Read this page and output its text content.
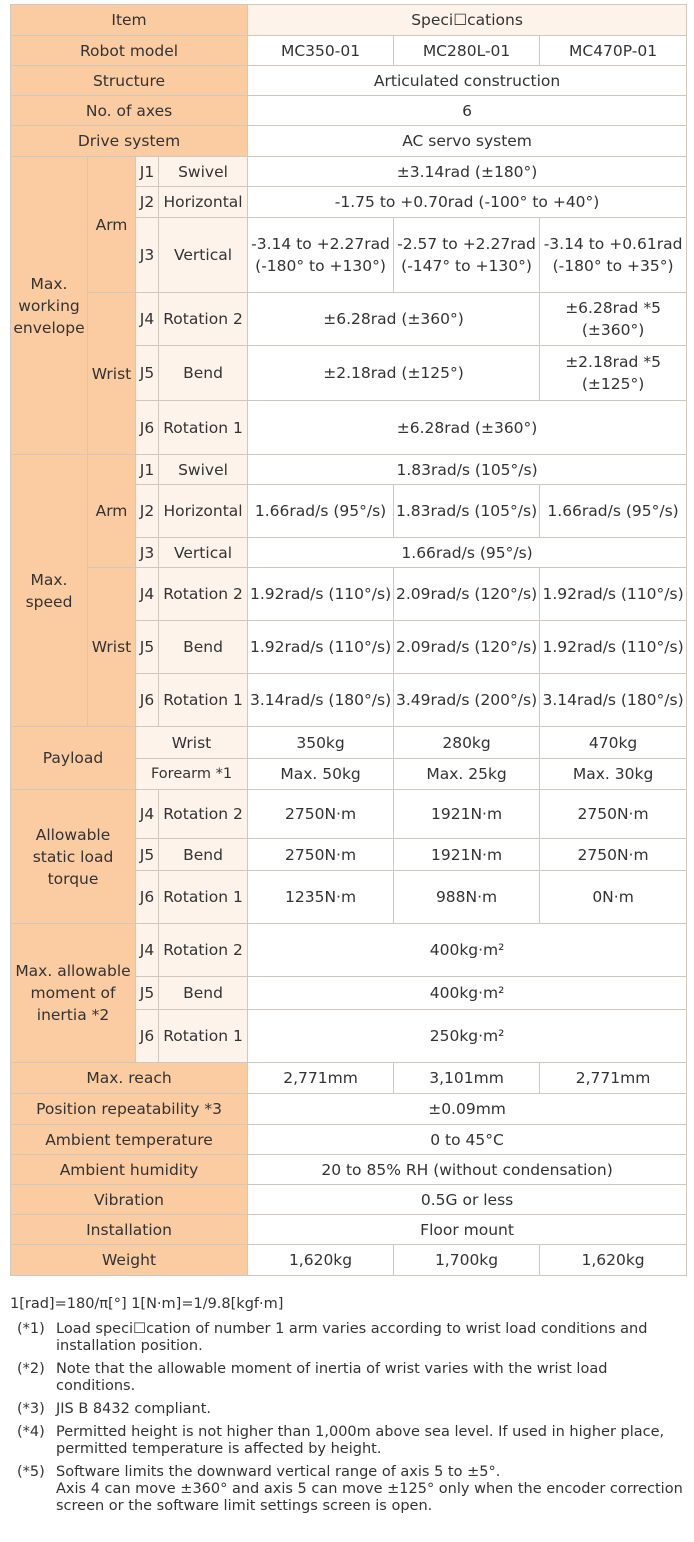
Item				Speci☐cations		
Robot model				MC350-01	MC280L-01	MC470P-01
Structure				Articulated construction		
No. of axes				6		
Drive system				AC servo system		
Max. working envelope	Arm	J1	Swivel	±3.14rad (±180°)		
		J2	Horizontal	-1.75 to +0.70rad (-100° to +40°)		
		J3	Vertical	-3.14 to +2.27rad (-180° to +130°)	-2.57 to +2.27rad (-147° to +130°)	-3.14 to +0.61rad (-180° to +35°)
	Wrist	J4	Rotation 2	±6.28rad (±360°)		±6.28rad *5 (±360°)
		J5	Bend	±2.18rad (±125°)		±2.18rad *5 (±125°)
		J6	Rotation 1	±6.28rad (±360°)		
Max. speed	Arm	J1	Swivel	1.83rad/s (105°/s)		
		J2	Horizontal	1.66rad/s (95°/s)	1.83rad/s (105°/s)	1.66rad/s (95°/s)
		J3	Vertical	1.66rad/s (95°/s)		
	Wrist	J4	Rotation 2	1.92rad/s (110°/s)	2.09rad/s (120°/s)	1.92rad/s (110°/s)
		J5	Bend	1.92rad/s (110°/s)	2.09rad/s (120°/s)	1.92rad/s (110°/s)
		J6	Rotation 1	3.14rad/s (180°/s)	3.49rad/s (200°/s)	3.14rad/s (180°/s)
Payload		Wrist		350kg	280kg	470kg
		Forearm *1		Max. 50kg	Max. 25kg	Max. 30kg
Allowable static load torque		J4	Rotation 2	2750N·m	1921N·m	2750N·m
		J5	Bend	2750N·m	1921N·m	2750N·m
		J6	Rotation 1	1235N·m	988N·m	0N·m
Max. allowable moment of inertia *2		J4	Rotation 2	400kg·m²		
		J5	Bend	400kg·m²		
		J6	Rotation 1	250kg·m²		
Max. reach				2,771mm	3,101mm	2,771mm
Position repeatability *3				±0.09mm		
Ambient temperature				0 to 45°C		
Ambient humidity				20 to 85% RH (without condensation)		
Vibration				0.5G or less		
Installation				Floor mount		
Weight				1,620kg	1,700kg	1,620kg
1[rad]=180/π[°] 1[N·m]=1/9.8[kgf·m]
(*1) Load speci☐cation of number 1 arm varies according to wrist load conditions and installation position.
(*2) Note that the allowable moment of inertia of wrist varies with the wrist load conditions.
(*3) JIS B 8432 compliant.
(*4) Permitted height is not higher than 1,000m above sea level. If used in higher place, permitted temperature is affected by height.
(*5) Software limits the downward vertical range of axis 5 to ±5°.
Axis 4 can move ±360° and axis 5 can move ±125° only when the encoder correction screen or the software limit settings screen is open.
